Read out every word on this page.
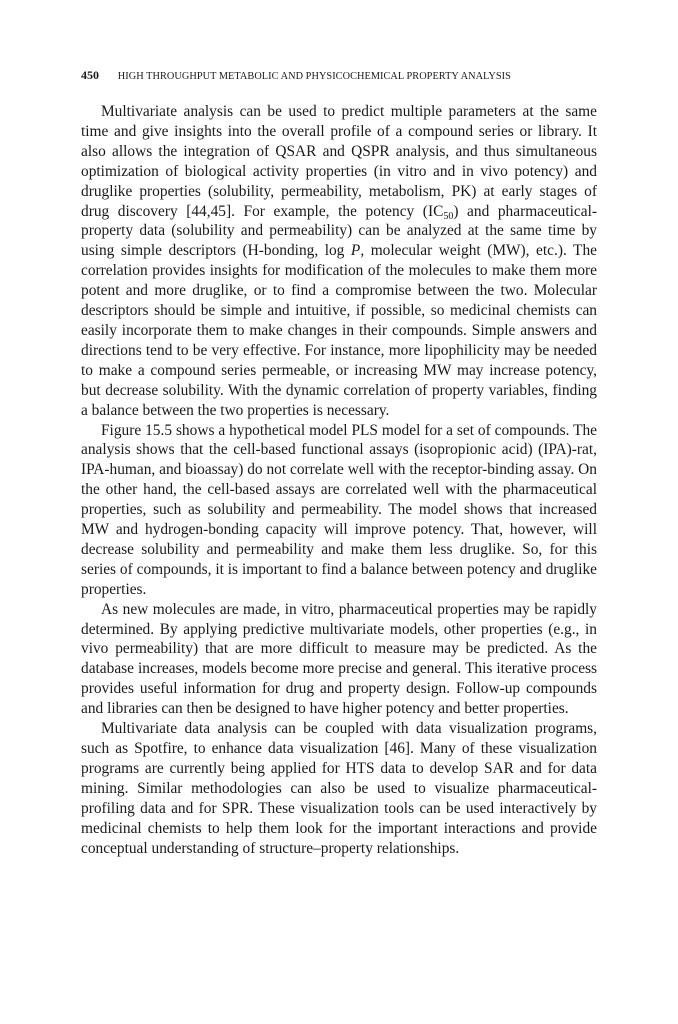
450 HIGH THROUGHPUT METABOLIC AND PHYSICOCHEMICAL PROPERTY ANALYSIS

Multivariate analysis can be used to predict multiple parameters at the same time and give insights into the overall profile of a compound series or library. It also allows the integration of QSAR and QSPR analysis, and thus simultaneous optimization of biological activity properties (in vitro and in vivo potency) and druglike properties (solubility, permeability, metabolism, PK) at early stages of drug discovery [44,45]. For example, the potency $(IC_{50})$ and pharmaceutical-property data (solubility and permeability) can be analyzed at the same time by using simple descriptors (H-bonding, log P, molecular weight (MW), etc.). The correlation provides insights for modification of the molecules to make them more potent and more druglike, or to find a compromise between the two. Molecular descriptors should be simple and intuitive, if possible, so medicinal chemists can easily incorporate them to make changes in their compounds. Simple answers and directions tend to be very effective. For instance, more lipophilicity may be needed to make a compound series permeable, or increasing MW may increase potency, but decrease solubility. With the dynamic correlation of property variables, finding a balance between the two properties is necessary.

Figure 15.5 shows a hypothetical model PLS model for a set of compounds. The analysis shows that the cell-based functional assays (isopropionic acid) (IPA)-rat, IPA-human, and bioassay) do not correlate well with the receptor-binding assay. On the other hand, the cell-based assays are correlated well with the pharmaceutical properties, such as solubility and permeability. The model shows that increased MW and hydrogen-bonding capacity will improve potency. That, however, will decrease solubility and permeability and make them less druglike. So, for this series of compounds, it is important to find a balance between potency and druglike properties.

As new molecules are made, in vitro, pharmaceutical properties may be rapidly determined. By applying predictive multivariate models, other properties (e.g., in vivo permeability) that are more difficult to measure may be predicted. As the database increases, models become more precise and general. This iterative process provides useful information for drug and property design. Follow-up compounds and libraries can then be designed to have higher potency and better properties.

Multivariate data analysis can be coupled with data visualization programs, such as Spotfire, to enhance data visualization [46]. Many of these visualization programs are currently being applied for HTS data to develop SAR and for data mining. Similar methodologies can also be used to visualize pharmaceutical-profiling data and for SPR. These visualization tools can be used interactively by medicinal chemists to help them look for the important interactions and provide conceptual understanding of structure–property relationships.
